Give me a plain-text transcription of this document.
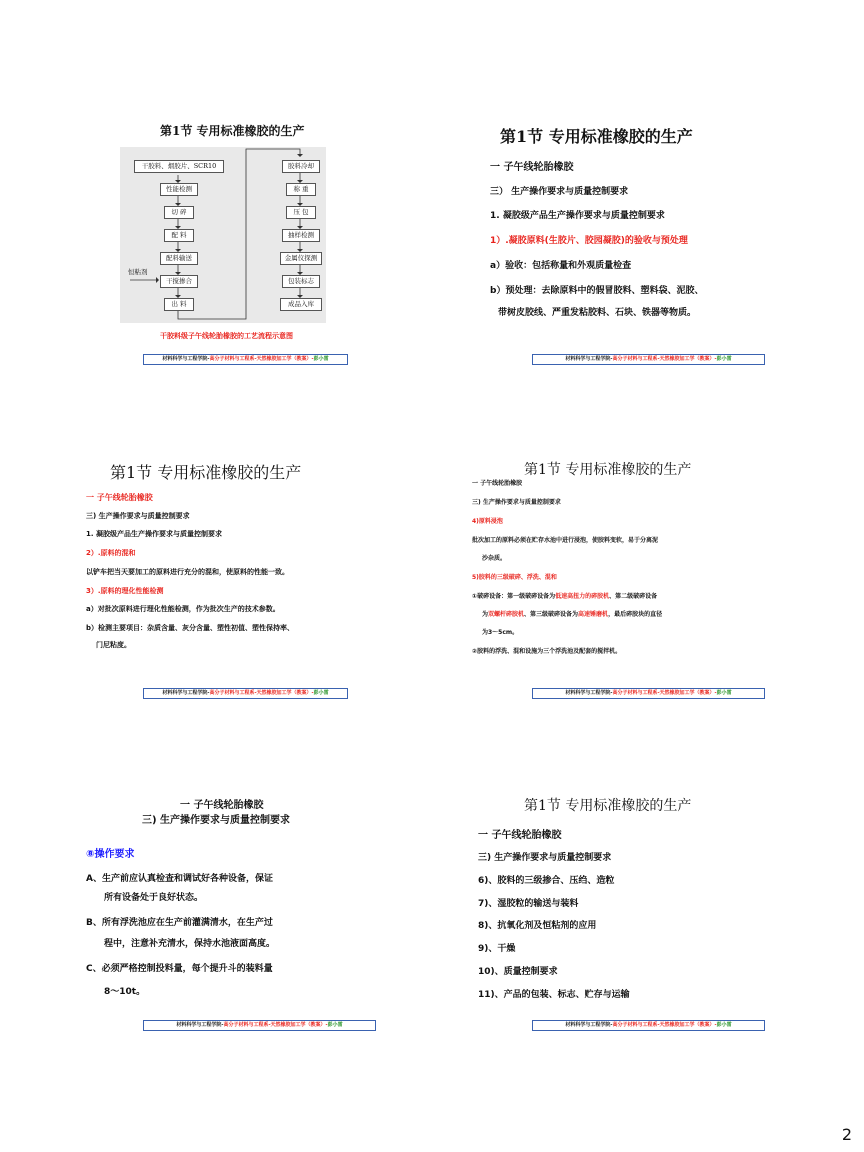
第1节 专用标准橡胶的生产
干胶料、烟胶片、SCR10
性能检测
切 碎
配 料
配料输送
干搅掺合
出 料
恒粘剂
胶料冷却
称 重
压 包
抽样检测
金属仪探测
包装标志
成品入库
干胶料级子午线轮胎橡胶的工艺流程示意图
材料科学与工程学院-高分子材料与工程系-天然橡胶加工学（教案）-彭小雷
第1节 专用标准橡胶的生产
一 子午线轮胎橡胶
三） 生产操作要求与质量控制要求
1. 凝胶级产品生产操作要求与质量控制要求
1）.凝胶原料(生胶片、胶园凝胶)的验收与预处理
a）验收：包括称量和外观质量检查
b）预处理：去除原料中的假冒胶料、塑料袋、泥胶、
带树皮胶线、严重发粘胶料、石块、铁器等物质。
材料科学与工程学院-高分子材料与工程系-天然橡胶加工学（教案）-彭小雷
第1节 专用标准橡胶的生产
一 子午线轮胎橡胶
三) 生产操作要求与质量控制要求
1. 凝胶级产品生产操作要求与质量控制要求
2）.原料的混和
以铲车把当天要加工的原料进行充分的混和，使原料的性能一致。
3）.原料的理化性能检测
a）对批次原料进行理化性能检测，作为批次生产的技术参数。
b）检测主要项目：杂质含量、灰分含量、塑性初值、塑性保持率、
门尼粘度。
材料科学与工程学院-高分子材料与工程系-天然橡胶加工学（教案）-彭小雷
第1节 专用标准橡胶的生产
一 子午线轮胎橡胶
三) 生产操作要求与质量控制要求
4)原料浸泡
批次加工的原料必须在贮存水池中进行浸泡，使胶料变软，易于分离泥
沙杂质。
5)胶料的三级破碎、浮洗、混和
①破碎设备：第一级破碎设备为低速高扭力的碎胶机、第二级破碎设备
为双螺杆碎胶机、第三级破碎设备为高速锤磨机，最后碎胶块的直径
为3～5cm。
②胶料的浮洗、混和设施为三个浮洗池及配套的搅拌机。
材料科学与工程学院-高分子材料与工程系-天然橡胶加工学（教案）-彭小雷
一 子午线轮胎橡胶
三) 生产操作要求与质量控制要求
⑧操作要求
A、生产前应认真检查和调试好各种设备，保证
所有设备处于良好状态。
B、所有浮洗池应在生产前灌满清水，在生产过
程中，注意补充清水，保持水池液面高度。
C、必须严格控制投料量，每个提升斗的装料量
8～10t。
材料科学与工程学院-高分子材料与工程系-天然橡胶加工学（教案）-彭小雷
第1节 专用标准橡胶的生产
一 子午线轮胎橡胶
三) 生产操作要求与质量控制要求
6)、胶料的三级掺合、压绉、造粒
7)、湿胶粒的输送与装料
8)、抗氧化剂及恒粘剂的应用
9)、干燥
10)、质量控制要求
11)、产品的包装、标志、贮存与运输
材料科学与工程学院-高分子材料与工程系-天然橡胶加工学（教案）-彭小雷
2
